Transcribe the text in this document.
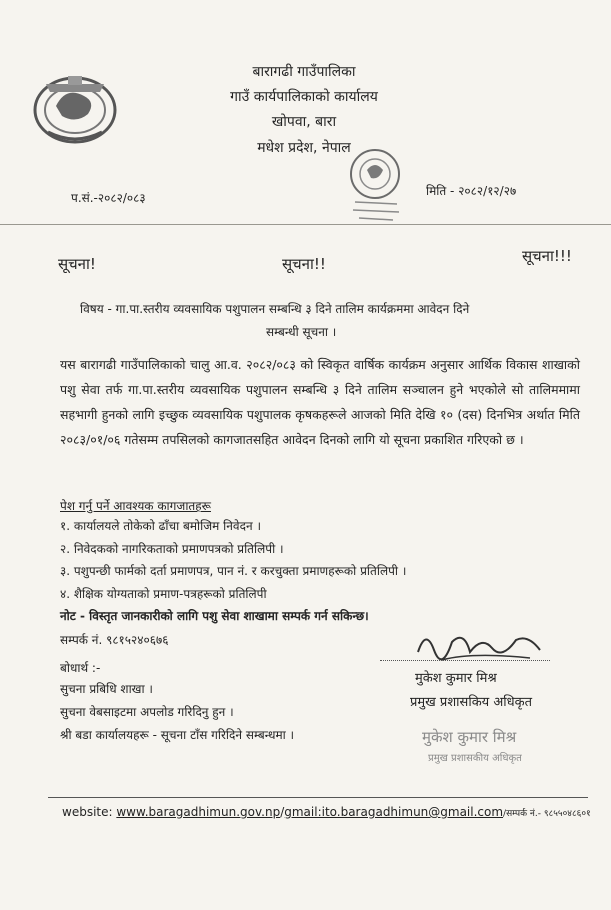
बारागढी गाउँपालिका
गाउँ कार्यपालिकाको कार्यालय
खोपवा, बारा
मधेश प्रदेश, नेपाल
प.सं.-२०८२/०८३	मिति - २०८२/१२/२७
सूचना!	सूचना!!	सूचना!!!
विषय - गा.पा.स्तरीय व्यवसायिक पशुपालन सम्बन्धि ३ दिने तालिम कार्यक्रममा आवेदन दिने
सम्बन्धी सूचना ।
यस बारागढी गाउँपालिकाको चालु आ.व. २०८२/०८३ को स्विकृत वार्षिक कार्यक्रम अनुसार आर्थिक विकास शाखाको पशु सेवा तर्फ गा.पा.स्तरीय व्यवसायिक पशुपालन सम्बन्धि ३ दिने तालिम सञ्चालन हुने भएकोले सो तालिममामा सहभागी हुनको लागि इच्छुक व्यवसायिक पशुपालक कृषकहरूले आजको मिति देखि १० (दस) दिनभित्र अर्थात मिति २०८३/०१/०६ गतेसम्म तपसिलको कागजातसहित आवेदन दिनको लागि यो सूचना प्रकाशित गरिएको छ ।
पेश गर्नु पर्ने आवश्यक कागजातहरू
१. कार्यालयले तोकेको ढाँचा बमोजिम निवेदन ।
२. निवेदकको नागरिकताको प्रमाणपत्रको प्रतिलिपी ।
३. पशुपन्छी फार्मको दर्ता प्रमाणपत्र, पान नं. र करचुक्ता प्रमाणहरूको प्रतिलिपी ।
४. शैक्षिक योग्यताको प्रमाण-पत्रहरूको प्रतिलिपी
नोट - विस्तृत जानकारीको लागि पशु सेवा शाखामा सम्पर्क गर्न सकिन्छ।
सम्पर्क नं. ९८१५२४०६७६
बोधार्थ :-
सुचना प्रबिधि शाखा ।
सुचना वेबसाइटमा अपलोड गरिदिनु हुन ।
श्री बडा कार्यालयहरू - सूचना टाँस गरिदिने सम्बन्धमा ।
मुकेश कुमार मिश्र
प्रमुख प्रशासकिय अधिकृत
मुकेश कुमार मिश्र
प्रमुख प्रशासकीय अधिकृत
website: www.baragadhimun.gov.np/gmail:ito.baragadhimun@gmail.com/सम्पर्क नं.- ९८५५०४८६०१
